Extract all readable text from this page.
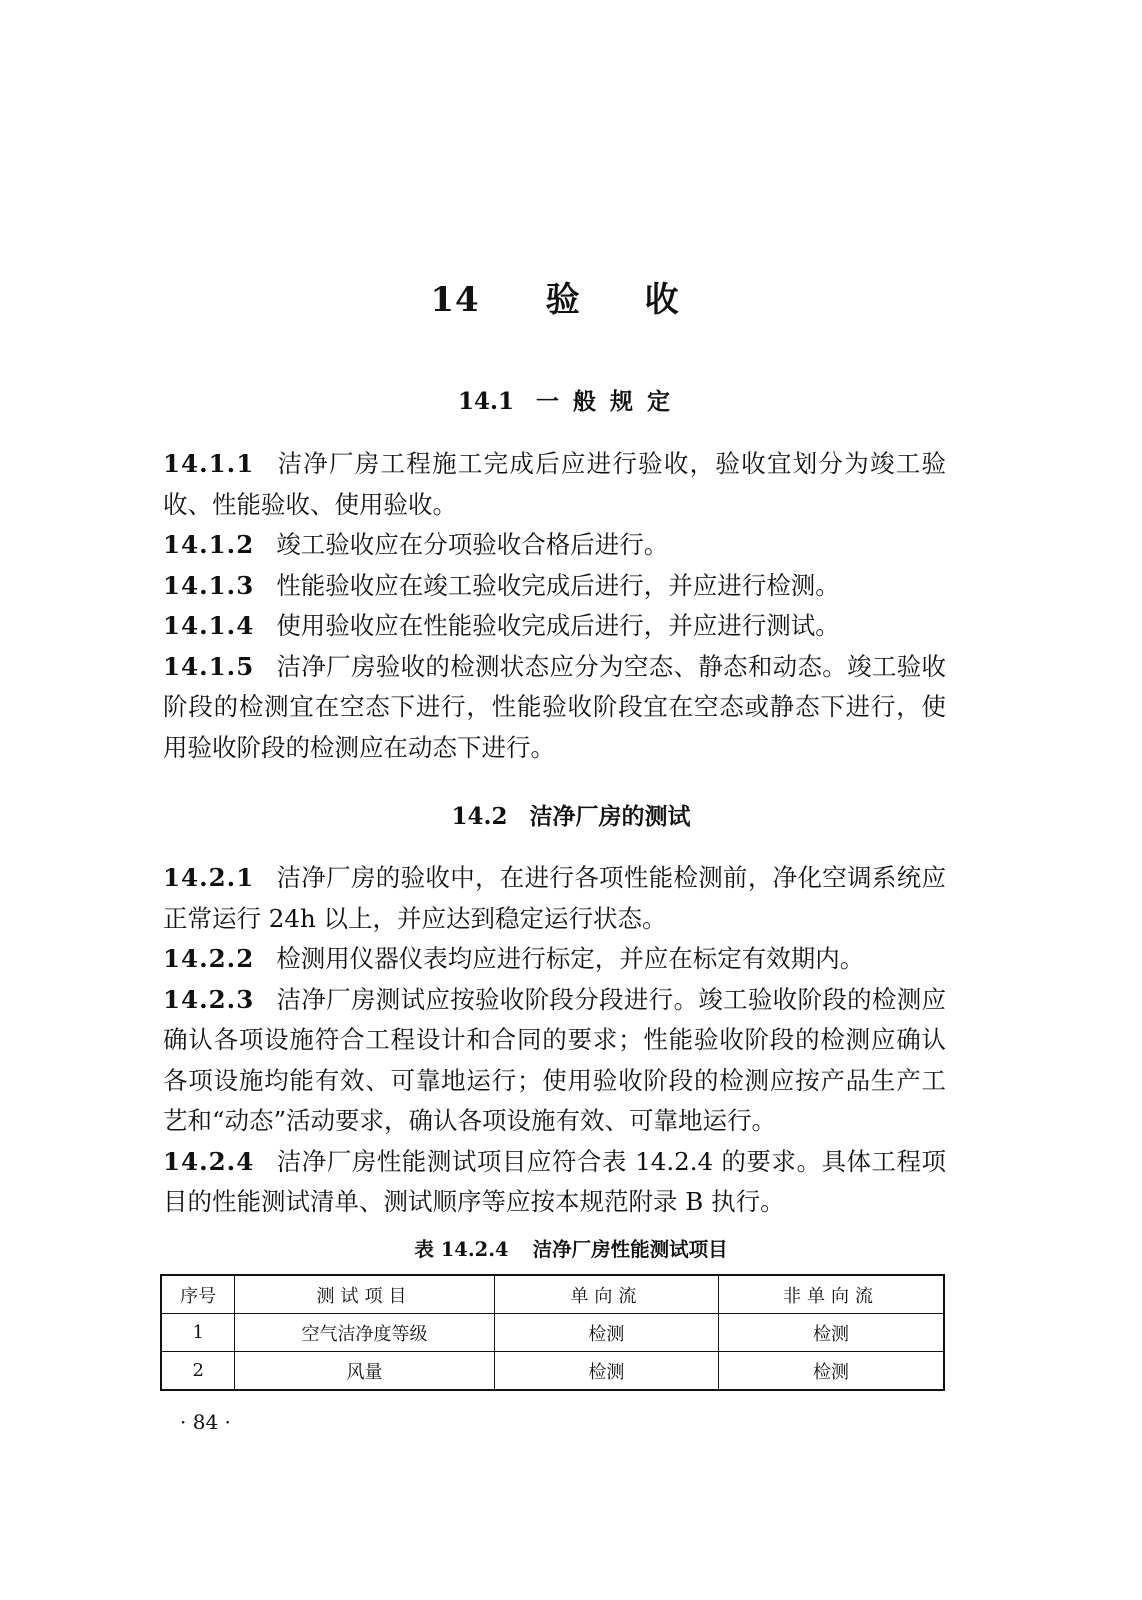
14 验 收
14.1 一般规定

14.1.1 洁净厂房工程施工完成后应进行验收，验收宜划分为竣工验收、性能验收、使用验收。

14.1.2 竣工验收应在分项验收合格后进行。

14.1.3 性能验收应在竣工验收完成后进行，并应进行检测。

14.1.4 使用验收应在性能验收完成后进行，并应进行测试。

14.1.5 洁净厂房验收的检测状态应分为空态、静态和动态。竣工验收阶段的检测宜在空态下进行，性能验收阶段宜在空态或静态下进行，使用验收阶段的检测应在动态下进行。

14.2 洁净厂房的测试

14.2.1 洁净厂房的验收中，在进行各项性能检测前，净化空调系统应正常运行 24h 以上，并应达到稳定运行状态。

14.2.2 检测用仪器仪表均应进行标定，并应在标定有效期内。

14.2.3 洁净厂房测试应按验收阶段分段进行。竣工验收阶段的检测应确认各项设施符合工程设计和合同的要求；性能验收阶段的检测应确认各项设施均能有效、可靠地运行；使用验收阶段的检测应按产品生产工艺和“动态”活动要求，确认各项设施有效、可靠地运行。

14.2.4 洁净厂房性能测试项目应符合表 14.2.4 的要求。具体工程项目的性能测试清单、测试顺序等应按本规范附录 B 执行。

表 14.2.4 洁净厂房性能测试项目
序号	测试项目	单向流	非单向流
1	空气洁净度等级	检测	检测
2	风量	检测	检测
· 84 ·
